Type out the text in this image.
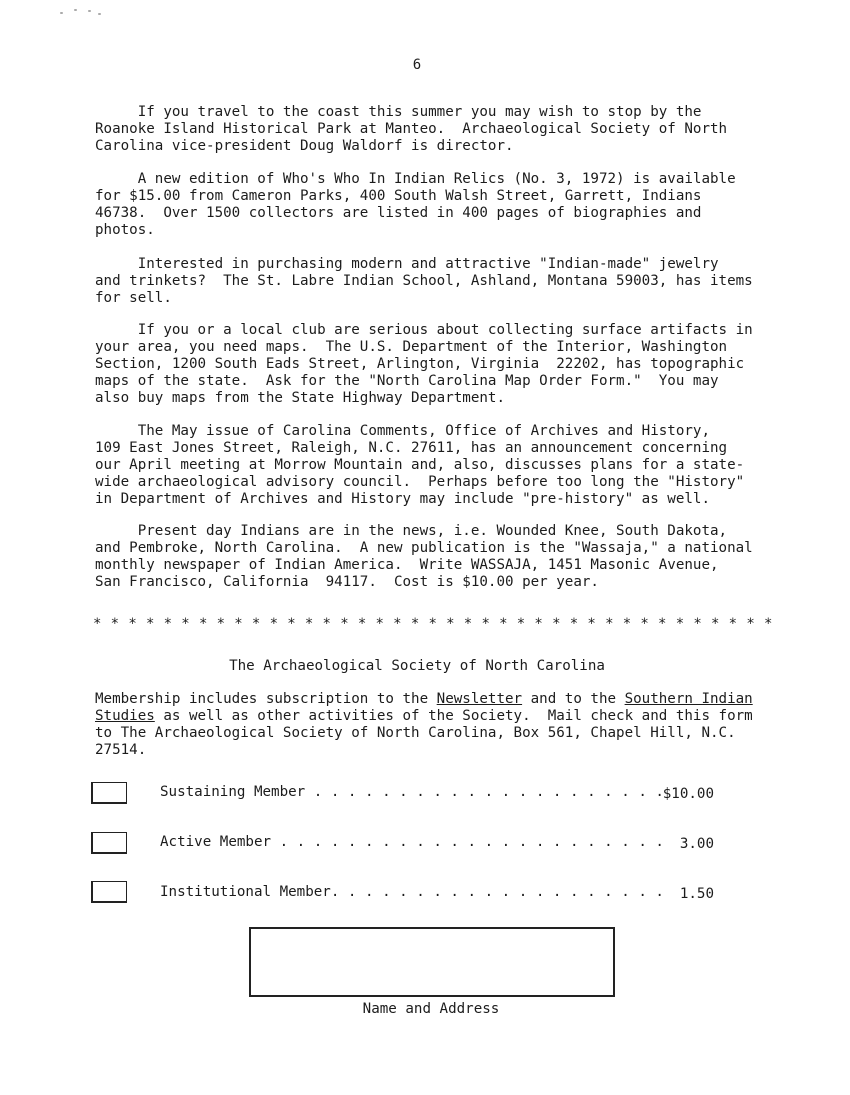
6

If you travel to the coast this summer you may wish to stop by the
Roanoke Island Historical Park at Manteo.  Archaeological Society of North
Carolina vice-president Doug Waldorf is director.

A new edition of Who's Who In Indian Relics (No. 3, 1972) is available
for $15.00 from Cameron Parks, 400 South Walsh Street, Garrett, Indians
46738.  Over 1500 collectors are listed in 400 pages of biographies and
photos.

Interested in purchasing modern and attractive "Indian-made" jewelry
and trinkets?  The St. Labre Indian School, Ashland, Montana 59003, has items
for sell.

If you or a local club are serious about collecting surface artifacts in
your area, you need maps.  The U.S. Department of the Interior, Washington
Section, 1200 South Eads Street, Arlington, Virginia  22202, has topographic
maps of the state.  Ask for the "North Carolina Map Order Form."  You may
also buy maps from the State Highway Department.

The May issue of Carolina Comments, Office of Archives and History,
109 East Jones Street, Raleigh, N.C. 27611, has an announcement concerning
our April meeting at Morrow Mountain and, also, discusses plans for a state-
wide archaeological advisory council.  Perhaps before too long the "History"
in Department of Archives and History may include "pre-history" as well.

Present day Indians are in the news, i.e. Wounded Knee, South Dakota,
and Pembroke, North Carolina.  A new publication is the "Wassaja," a national
monthly newspaper of Indian America.  Write WASSAJA, 1451 Masonic Avenue,
San Francisco, California  94117.  Cost is $10.00 per year.

* * * * * * * * * * * * * * * * * * * * * * * * * * * * * * * * * * * * * * *
The Archaeological Society of North Carolina

Membership includes subscription to the Newsletter and to the Southern Indian
Studies as well as other activities of the Society.  Mail check and this form
to The Archaeological Society of North Carolina, Box 561, Chapel Hill, N.C.
27514.

Sustaining Member . . . . . . . . . . . . . . . . . . . . .
$10.00
Active Member . . . . . . . . . . . . . . . . . . . . . . .	3.00
Institutional Member. . . . . . . . . . . . . . . . . . . .	1.50
Name and Address
